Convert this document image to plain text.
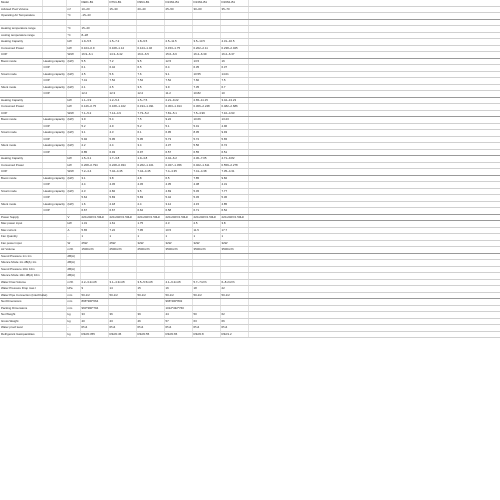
Model			DE01-B1	D7N1-B1	D9N1-B1	D13N1-B1	D13N1-B1	D16N1-B1	
Advised Pool Volume		m³	10~20	15~30	20~40	25~50	30~60	35~70	
Operating Air Temperature		°C	-15~43						

Heating temperature range		°C	15~40						
cooling temperature range		°C	8~28						
Heating Capacity		kW	1.9~5.5	1.5~7.2	1.8~9.5	2.5~11.5	3.5~13.5	4.31~16.5	
Consumed Power		kW	0.104~0.9	0.108~1.12	0.124~1.46	0.153~1.75	0.202~2.11	0.238~2.025	
COP		W/W	16.9~6.1	14.3~6.42	16.0~6.5	15.6~6.6	16.4~6.39	16.2~6.37	
Boost mode	Heating capacity	(kW)	5.5	7.2	9.5	12.5	13.5	16	
	COP		6.1	6.42	6.5	6.4	6.35	6.37	
Smart mode	Heating capacity	(kW)	4.5	5.6	7.6	9.1	10.55	14.01	
	COP		7.41	7.52	7.52	7.52	7.60	7.5	
Silent mode	Heating capacity	(kW)	2.1	2.5	3.5	3.9	7.35	6.7	
	COP		12.2	12.3	12.2	11.2	10.82	10	
Heating Capacity		kW	1.1~3.9	1.2~5.4	1.5~7.5	2.21~9.22	2.65~11.15	3.42~13.23	
Consumed Power		kW	0.126~0.75	0.168~1.102	0.194~1.491	0.303~1.914	0.306~2.248	0.482~2.686	
COP		W/W	7.1~5.2	7.14~4.9	7.73~5.2	7.81~5.1	7.5~4.96	7.10~4.93	
Boost mode	Heating capacity	(kW)	3.9	5.4	7.5	9.22	10.66	13.23	
	COP		5.2	4.9	5.2	5.1	5.01	4.96	
Smart mode	Heating capacity	(kW)	3.1	4.3	6.1	6.95	8.05	9.93	
	COP		5.92	5.95	5.95	5.73	5.72	5.65	
Silent mode	Heating capacity	(kW)	2.2	2.4	3.4	4.37	5.56	6.72	
	COP		6.85	6.93	6.97	6.57	6.55	6.51	
Heating Capacity		kW	1.5~3.1	1.7~3.8	1.9~4.8	2.42~6.2	2.30~7.05	4.71~9.82	
Consumed Power		kW	0.208~0.794	0.228~0.934	0.262~1.101	0.327~1.456	0.402~1.611	0.559~2.278	
COP		W/W	7.2~4.4	7.42~4.45	7.44~4.45	7.4~4.35	7.41~4.38	7.35~4.31	
Boost mode	Heating capacity	(kW)	3.1	3.8	4.8	6.5	7.85	9.82	
	COP		4.4	4.45	4.45	4.35	4.38	4.31	
Smart mode	Heating capacity	(kW)	2.3	2.82	3.5	4.69	5.45	7.77	
	COP		5.64	5.83	5.83	5.42	5.45	5.36	
Silent mode	Heating capacity	(kW)	1.6	2.18	2.4	3.12	4.15	4.85	
	COP		6.67	6.67	6.62	6.58	6.71	6.52	
Power Supply		V	220-240V/1 50Hz	220-240V/1 50Hz	220-240V/1 50Hz	220-240V/1 50Hz	220-240V/1 50Hz	220-240V/1 50Hz	
Max power input		kW	1.31	1.61	1.75	2.3	2.5	3.8	
Max current		A	5.65	7.22	7.95	10.5	11.5	17.7	
Fan Quantity		-	1	1	1	1	1	1	
Fan power input		W	25W	25W	32W	32W	32W	32W	
Air Volume		m³/h	1500m³/h	2500m³/h	2500m³/h	3500m³/h	3500m³/h	3500m³/h	
Sound Pressure 1m 1m		dB(A)							
Silence Mode 1m dB(A) 1m		dB(A)							
Sound Pressure 10m 10m		dB(A)							
Silence Mode 10m dB(A) 10m		dB(A)							
Water Flow Volume		m³/h	2.2~3.2m³/h	3.1~4.3m³/h	3.5~5.5m³/h	4.1~6.2m³/h	5.7~7m³/h	6~8.2m³/h	
Water Pressure Drop max.l		kPa	9	14	15	16	18	22	
Water Pipe Connection (Inlet/Outlet)		mm	50-1/2	50-1/2	50-1/2	50-1/2	50-1/2	50-1/2	
Net Dimensions		mm	896*300*664			996*400*802			
Packing Dimensions		mm	960*390*794			1012*432*760			
Net Weight		kg	33	36	39	44	50	62	
Gross Weight		kg	40	43	46	57	63	66	
Water proof level		-	IPx4	IPx4	IPx4	IPx4	IPx4	IPx4	
Refrigerant Gas/quantities		kg	R32/0.355	R32/0.45	R32/0.55	R32/0.65	R32/0.8	R32/1.2	
